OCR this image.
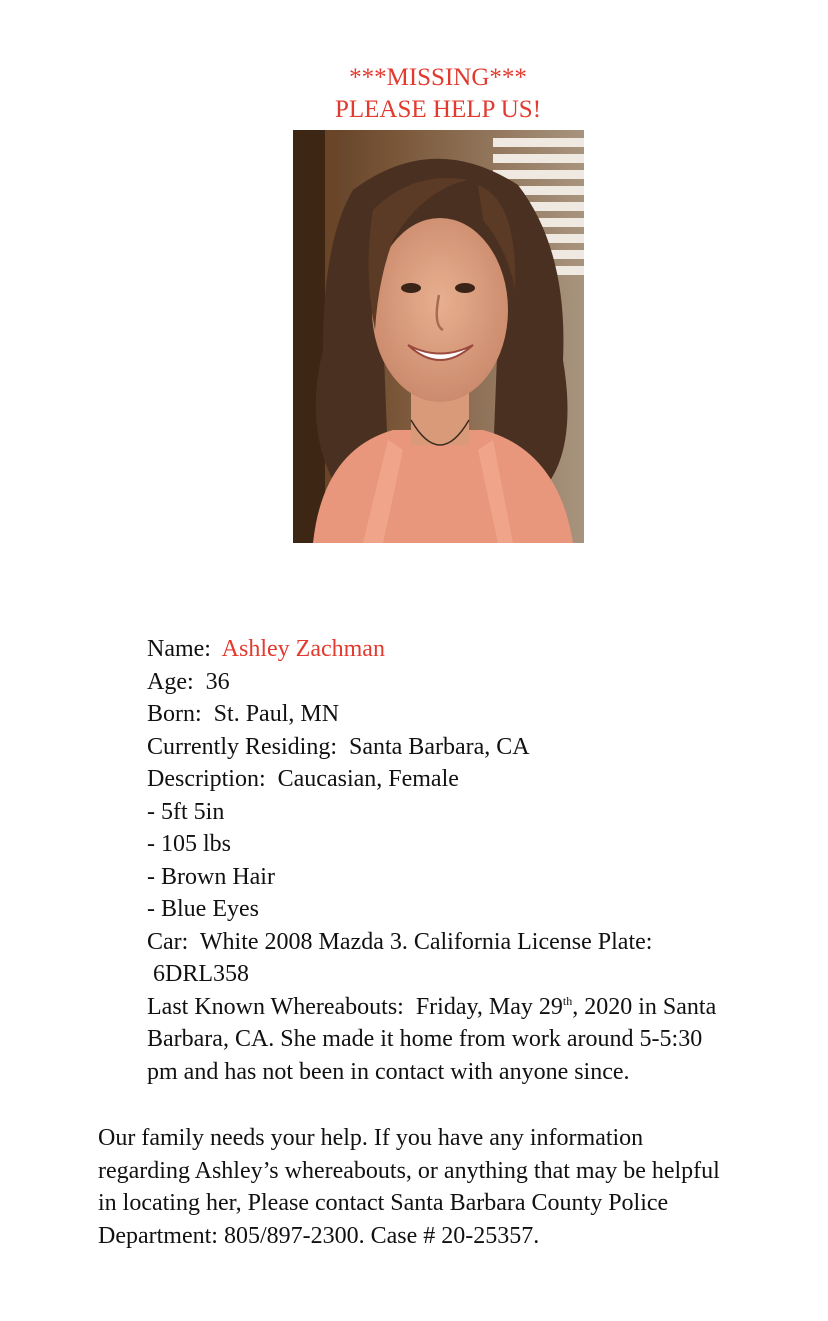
***MISSING***
PLEASE HELP US!
Name: Ashley Zachman
Age: 36
Born: St. Paul, MN
Currently Residing: Santa Barbara, CA
Description: Caucasian, Female
- 5ft 5in
- 105 lbs
- Brown Hair
- Blue Eyes
Car: White 2008 Mazda 3. California License Plate:
6DRL358
Last Known Whereabouts: Friday, May 29th, 2020 in Santa Barbara, CA. She made it home from work around 5-5:30 pm and has not been in contact with anyone since.
Our family needs your help. If you have any information regarding Ashley’s whereabouts, or anything that may be helpful in locating her, Please contact Santa Barbara County Police Department: 805/897-2300. Case # 20-25357.
